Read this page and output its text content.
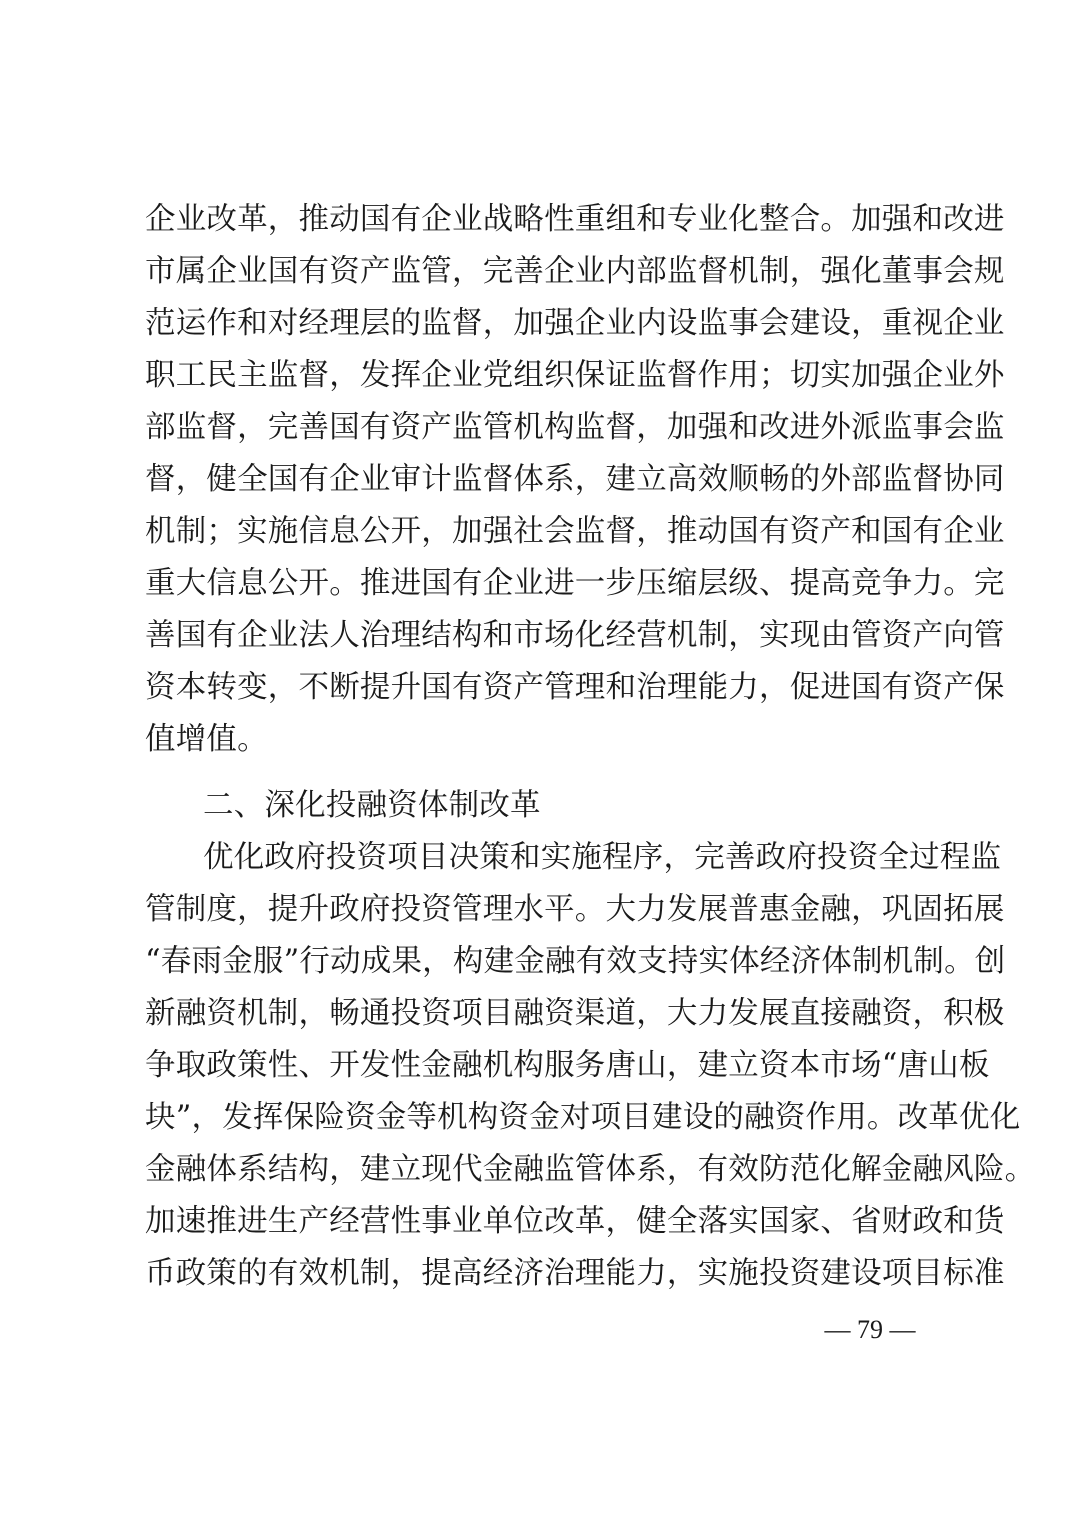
企业改革，推动国有企业战略性重组和专业化整合。加强和改进
市属企业国有资产监管，完善企业内部监督机制，强化董事会规
范运作和对经理层的监督，加强企业内设监事会建设，重视企业
职工民主监督，发挥企业党组织保证监督作用；切实加强企业外
部监督，完善国有资产监管机构监督，加强和改进外派监事会监
督，健全国有企业审计监督体系，建立高效顺畅的外部监督协同
机制；实施信息公开，加强社会监督，推动国有资产和国有企业
重大信息公开。推进国有企业进一步压缩层级、提高竞争力。完
善国有企业法人治理结构和市场化经营机制，实现由管资产向管
资本转变，不断提升国有资产管理和治理能力，促进国有资产保
值增值。
二、深化投融资体制改革
优化政府投资项目决策和实施程序，完善政府投资全过程监
管制度，提升政府投资管理水平。大力发展普惠金融，巩固拓展
“春雨金服”行动成果，构建金融有效支持实体经济体制机制。创
新融资机制，畅通投资项目融资渠道，大力发展直接融资，积极
争取政策性、开发性金融机构服务唐山，建立资本市场“唐山板
块”，发挥保险资金等机构资金对项目建设的融资作用。改革优化
金融体系结构，建立现代金融监管体系，有效防范化解金融风险。
加速推进生产经营性事业单位改革，健全落实国家、省财政和货
币政策的有效机制，提高经济治理能力，实施投资建设项目标准
— 79 —
